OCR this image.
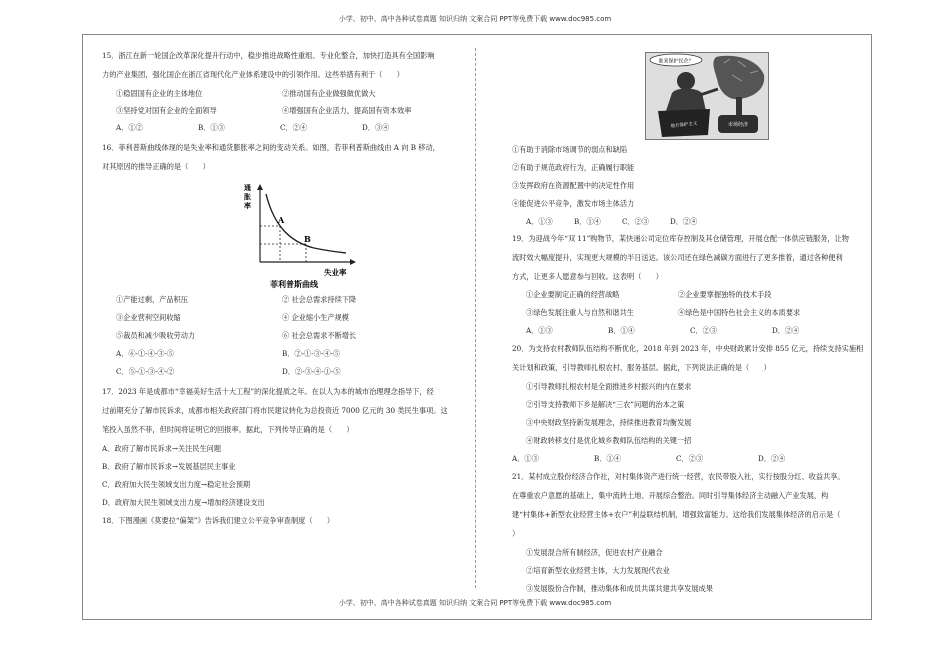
小学、初中、高中各种试卷真题 知识归纳 文案合同 PPT等免费下载 www.doc985.com
15．浙江在新一轮国企改革深化提升行动中，稳步推进战略性重组、专业化整合，加快打造具有全国影响
力的产业集团，强化国企在浙江省现代化产业体系建设中的引领作用。这些举措有利于（　　）
①稳固国有企业的主体地位	②推动国有企业做强做优做大
③坚持党对国有企业的全面领导	④增强国有企业活力，提高国有资本效率
A．①②	B．①③	C．②④	D．③④
16．菲利普斯曲线体现的是失业率和通货膨胀率之间的变动关系。如图，若菲利普斯曲线由 A 向 B 移动，
对其原因的推导正确的是（　　）
①产能过剩，产品积压	② 社会总需求持续下降
③企业营利空间收缩	④ 企业缩小生产规模
⑤裁员和减少吸收劳动力	⑥ 社会总需求不断增长
A．⑥-①-④-③-⑤	B．②-①-③-④-⑤
C．⑤-①-③-④-②	D．②-③-④-①-⑤
17．2023 年是成都市“幸福美好生活十大工程”的深化提质之年。在以人为本的城市治理理念指导下，经
过前期充分了解市民诉求，成都市相关政府部门将市民建议转化为总投资近 7000 亿元的 30 类民生事项。这
笔投入虽然不菲，但时间将证明它的回报率。据此，下列传导正确的是（　　）
A．政府了解市民诉求→关注民生问题
B．政府了解市民诉求→发展基层民主事业
C．政府加大民生领域支出力度→稳定社会预期
D．政府加大民生领域支出力度→增加经济建设支出
18．下图漫画《莫要拉“偏架”》告诉我们建立公平竞争审查制度（　　）
通
胀
率
A
B
失业率
菲利普斯曲线
谁来保护民企？
市场经济
地方保护主义
①有助于消除市场调节的弱点和缺陷
②有助于规范政府行为，正确履行职能
③发挥政府在资源配置中的决定性作用
④能促进公平竞争，激发市场主体活力
A．①③	B．①④	C．②③	D．②④
19．为迎战今年“双 11”购物节，某快递公司定位库存控制及其仓储管理，开展仓配一体供应链服务，让物
流时效大幅度提升，实现更大规模的半日送达。该公司还在绿色减碳方面进行了更多推着，通过各种便利
方式，让更多人愿意参与回收。这表明（　　）
①企业要制定正确的经营战略	②企业要掌握独特的技术手段
③绿色发展注重人与自然和谐共生	④绿色是中国特色社会主义的本质要求
A．①③	B．①④	C．②③	D．②④
20．为支持农村教师队伍结构不断优化，2018 年到 2023 年，中央财政累计安排 855 亿元，持续支持实施相
关计划和政策，引导教师扎根农村、服务基层。据此，下列说法正确的是（　　）
①引导教师扎根农村是全面推进乡村振兴的内在要求
②引导支持教师下乡是解决“三农”问题的治本之策
③中央财政坚持新发展理念，持续推进教育均衡发展
④财政转移支付是优化城乡教师队伍结构的关键一招
A．①③	B．①④	C．②③	D．②④
21．某村成立股份经济合作社，对村集体资产进行统一经营，农民带股入社，实行按股分红、收益共享。
在尊重农户意愿的基础上，集中流转土地、开展综合整治。同时引导集体经济主动融入产业发展，构
建“村集体+新型农业经营主体+农户”利益联结机制，增强致富能力。这给我们发展集体经济的启示是（
）
①发展混合所有制经济，促进农村产业融合
②培育新型农业经营主体，大力发展现代农业
③发展股份合作制，推动集体和成员共谋共建共享发展成果
小学、初中、高中各种试卷真题 知识归纳 文案合同 PPT等免费下载 www.doc985.com
